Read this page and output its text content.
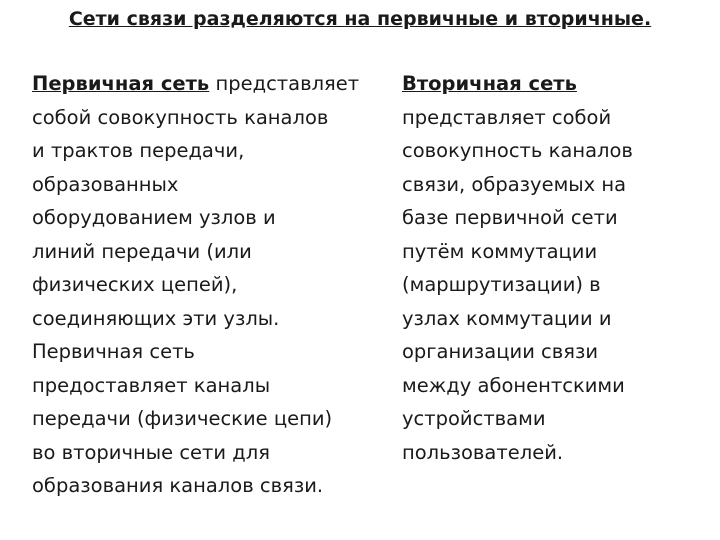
Сети связи разделяются на первичные и вторичные.
Первичная сеть представляет
собой совокупность каналов
и трактов передачи,
образованных
оборудованием узлов и
линий передачи (или
физических цепей),
соединяющих эти узлы.
Первичная сеть
предоставляет каналы
передачи (физические цепи)
во вторичные сети для
образования каналов связи.
Вторичная сеть
представляет собой
совокупность каналов
связи, образуемых на
базе первичной сети
путём коммутации
(маршрутизации) в
узлах коммутации и
организации связи
между абонентскими
устройствами
пользователей.
